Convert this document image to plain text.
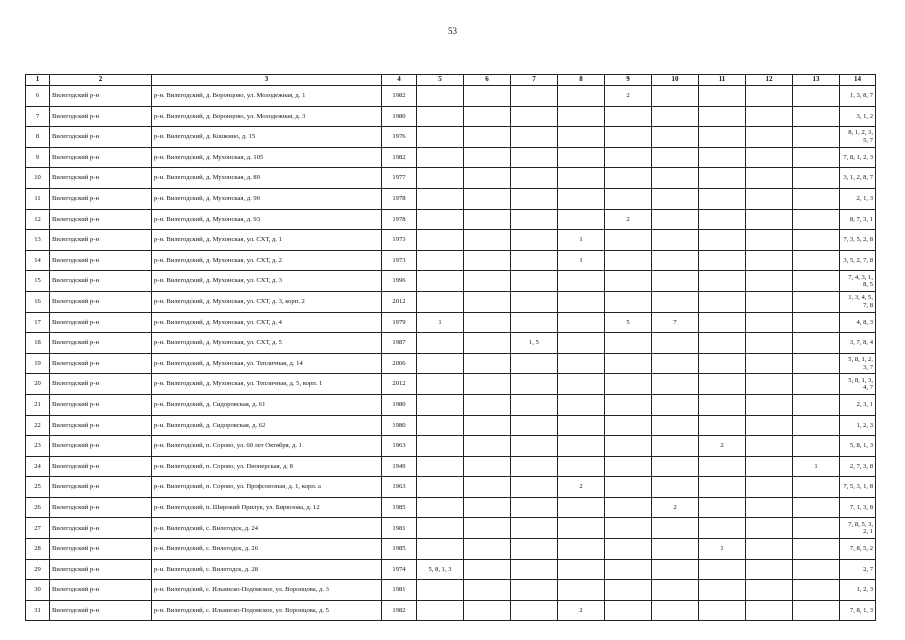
53
1	2	3	4	5	6	7	8	9	10	11	12	13	14
6	Вилегодский р-н	р-н. Вилегодский, д. Воронцово, ул. Молодежная, д. 1	1982					2					1, 3, 8, 7
7	Вилегодский р-н	р-н. Вилегодский, д. Воронцово, ул. Молодежная, д. 3	1980										3, 1, 2
8	Вилегодский р-н	р-н. Вилегодский, д. Кошкино, д. 15	1976										8, 1, 2, 3, 5, 7
9	Вилегодский р-н	р-н. Вилегодский, д. Мухонская, д. 105	1982										7, 8, 1, 2, 3
10	Вилегодский р-н	р-н. Вилегодский, д. Мухонская, д. 89	1977										3, 1, 2, 8, 7
11	Вилегодский р-н	р-н. Вилегодский, д. Мухонская, д. 90	1978										2, 1, 3
12	Вилегодский р-н	р-н. Вилегодский, д. Мухонская, д. 93	1978					2					8, 7, 3, 1
13	Вилегодский р-н	р-н. Вилегодский, д. Мухонская, ул. СХТ, д. 1	1973				1						7, 3, 5, 2, 8
14	Вилегодский р-н	р-н. Вилегодский, д. Мухонская, ул. СХТ, д. 2	1973				1						3, 5, 2, 7, 8
15	Вилегодский р-н	р-н. Вилегодский, д. Мухонская, ул. СХТ, д. 3	1996										7, 4, 3, 1, 8, 5
16	Вилегодский р-н	р-н. Вилегодский, д. Мухонская, ул. СХТ, д. 3, корп. 2	2012										1, 3, 4, 5, 7, 8
17	Вилегодский р-н	р-н. Вилегодский, д. Мухонская, ул. СХТ, д. 4	1979	1				5	7				4, 8, 3
18	Вилегодский р-н	р-н. Вилегодский, д. Мухонская, ул. СХТ, д. 5	1987			1, 5							3, 7, 8, 4
19	Вилегодский р-н	р-н. Вилегодский, д. Мухонская, ул. Тепличная, д. 14	2006										5, 8, 1, 2, 3, 7
20	Вилегодский р-н	р-н. Вилегодский, д. Мухонская, ул. Тепличная, д. 5, корп. 1	2012										5, 8, 1, 3, 4, 7
21	Вилегодский р-н	р-н. Вилегодский, д. Сидоровская, д. 61	1980										2, 3, 1
22	Вилегодский р-н	р-н. Вилегодский, д. Сидоровская, д. 62	1980										1, 2, 3
23	Вилегодский р-н	р-н. Вилегодский, п. Сорово, ул. 60 лет Октября, д. 1	1963							2			5, 8, 1, 3
24	Вилегодский р-н	р-н. Вилегодский, п. Сорово, ул. Пионерская, д. 8	1949									1	2, 7, 3, 8
25	Вилегодский р-н	р-н. Вилегодский, п. Сорово, ул. Профсоюзная, д. 1, корп. а	1963				2						7, 5, 3, 1, 8
26	Вилегодский р-н	р-н. Вилегодский, п. Широкий Прилук, ул. Бирюзова, д. 12	1985						2				7, 1, 3, 8
27	Вилегодский р-н	р-н. Вилегодский, с. Вилегодск, д. 24	1981										7, 8, 5, 3, 2, 1
28	Вилегодский р-н	р-н. Вилегодский, с. Вилегодск, д. 26	1985							1			7, 8, 5, 2
29	Вилегодский р-н	р-н. Вилегодский, с. Вилегодск, д. 28	1974	5, 8, 1, 3									2, 7
30	Вилегодский р-н	р-н. Вилегодский, с. Ильинско-Подомское, ул. Воронцова, д. 3	1981										1, 2, 3
31	Вилегодский р-н	р-н. Вилегодский, с. Ильинско-Подомское, ул. Воронцова, д. 5	1982				2						7, 8, 1, 3
